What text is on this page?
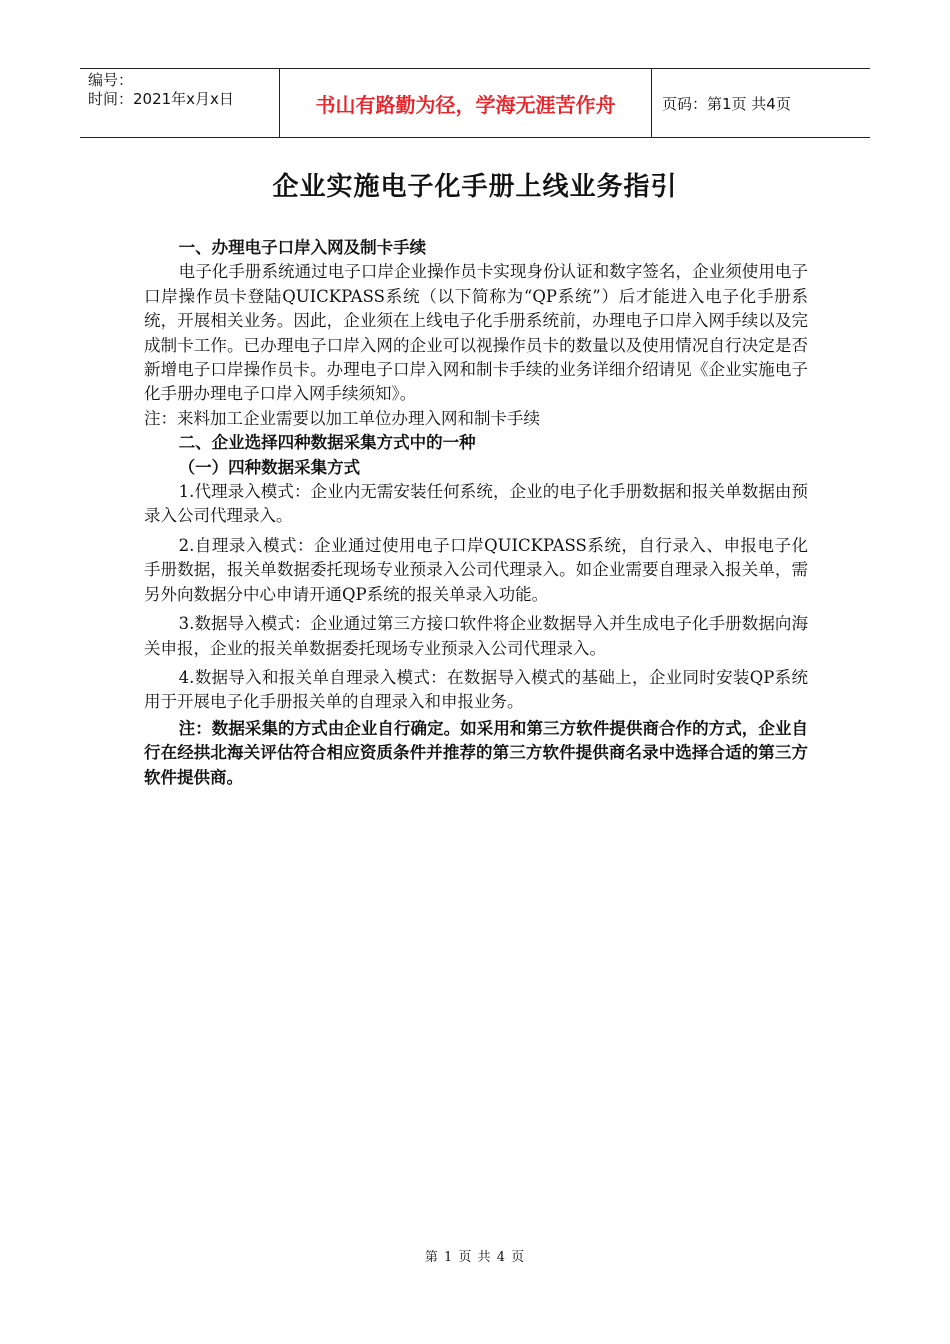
编号：
时间：2021年x月x日	书山有路勤为径，学海无涯苦作舟	页码：第1页 共4页
企业实施电子化手册上线业务指引

一、办理电子口岸入网及制卡手续

电子化手册系统通过电子口岸企业操作员卡实现身份认证和数字签名，企业须使用电子口岸操作员卡登陆QUICKPASS系统（以下简称为“QP系统”）后才能进入电子化手册系统，开展相关业务。因此，企业须在上线电子化手册系统前，办理电子口岸入网手续以及完成制卡工作。已办理电子口岸入网的企业可以视操作员卡的数量以及使用情况自行决定是否新增电子口岸操作员卡。办理电子口岸入网和制卡手续的业务详细介绍请见《企业实施电子化手册办理电子口岸入网手续须知》。

注：来料加工企业需要以加工单位办理入网和制卡手续

二、企业选择四种数据采集方式中的一种

（一）四种数据采集方式

1.代理录入模式：企业内无需安装任何系统，企业的电子化手册数据和报关单数据由预录入公司代理录入。

2.自理录入模式：企业通过使用电子口岸QUICKPASS系统，自行录入、申报电子化手册数据，报关单数据委托现场专业预录入公司代理录入。如企业需要自理录入报关单，需另外向数据分中心申请开通QP系统的报关单录入功能。

3.数据导入模式：企业通过第三方接口软件将企业数据导入并生成电子化手册数据向海关申报，企业的报关单数据委托现场专业预录入公司代理录入。

4.数据导入和报关单自理录入模式：在数据导入模式的基础上，企业同时安装QP系统用于开展电子化手册报关单的自理录入和申报业务。

注：数据采集的方式由企业自行确定。如采用和第三方软件提供商合作的方式，企业自行在经拱北海关评估符合相应资质条件并推荐的第三方软件提供商名录中选择合适的第三方软件提供商。

第 1 页 共 4 页
